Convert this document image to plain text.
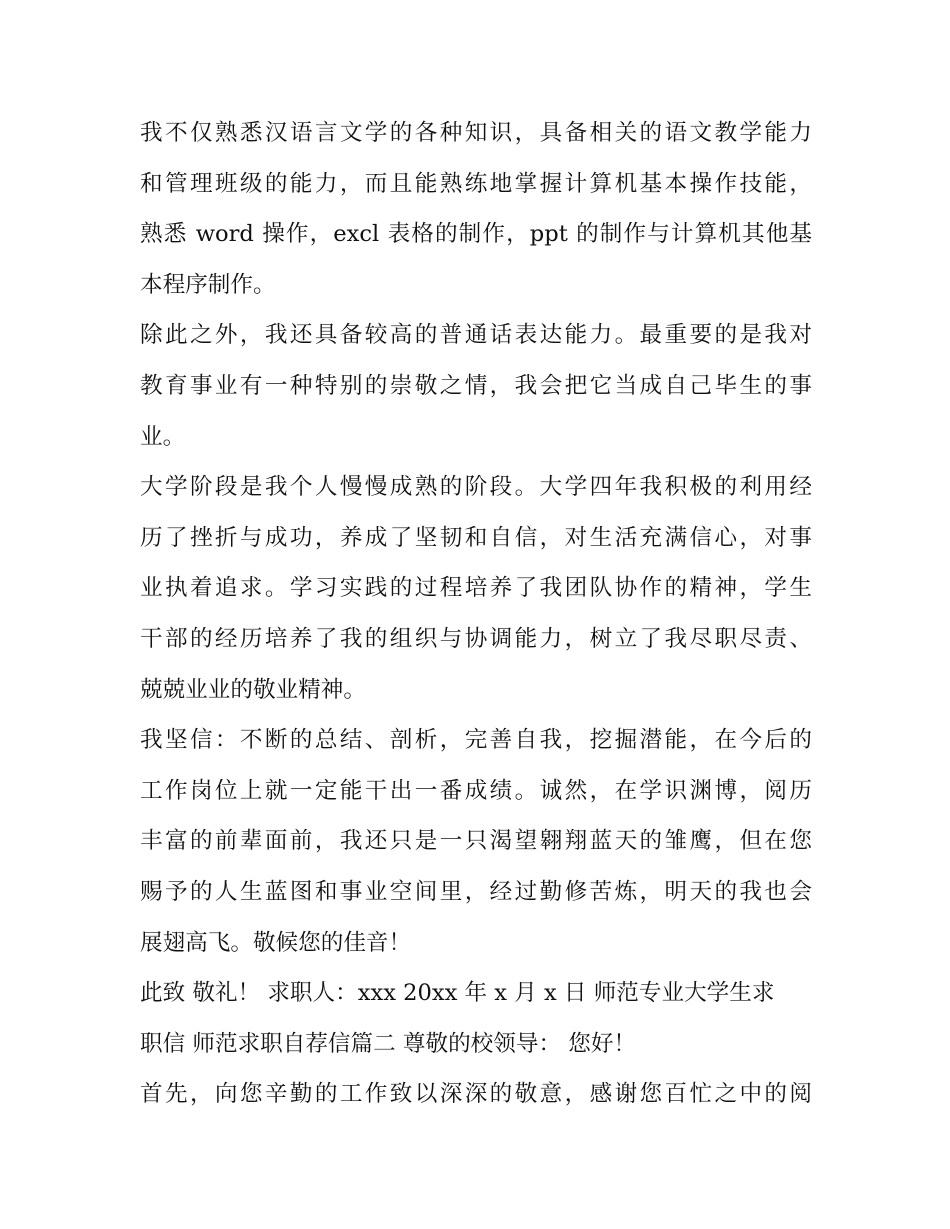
我不仅熟悉汉语言文学的各种知识，具备相关的语文教学能力
和管理班级的能力，而且能熟练地掌握计算机基本操作技能，
熟悉 word 操作，excl 表格的制作，ppt 的制作与计算机其他基
本程序制作。
除此之外，我还具备较高的普通话表达能力。最重要的是我对
教育事业有一种特别的崇敬之情，我会把它当成自己毕生的事
业。
大学阶段是我个人慢慢成熟的阶段。大学四年我积极的利用经
历了挫折与成功，养成了坚韧和自信，对生活充满信心，对事
业执着追求。学习实践的过程培养了我团队协作的精神，学生
干部的经历培养了我的组织与协调能力，树立了我尽职尽责、
兢兢业业的敬业精神。
我坚信：不断的总结、剖析，完善自我，挖掘潜能，在今后的
工作岗位上就一定能干出一番成绩。诚然，在学识渊博，阅历
丰富的前辈面前，我还只是一只渴望翱翔蓝天的雏鹰，但在您
赐予的人生蓝图和事业空间里，经过勤修苦炼，明天的我也会
展翅高飞。敬候您的佳音！
此致 敬礼！ 求职人：xxx 20xx 年 x 月 x 日 师范专业大学生求
职信 师范求职自荐信篇二 尊敬的校领导： 您好！
首先，向您辛勤的工作致以深深的敬意，感谢您百忙之中的阅
